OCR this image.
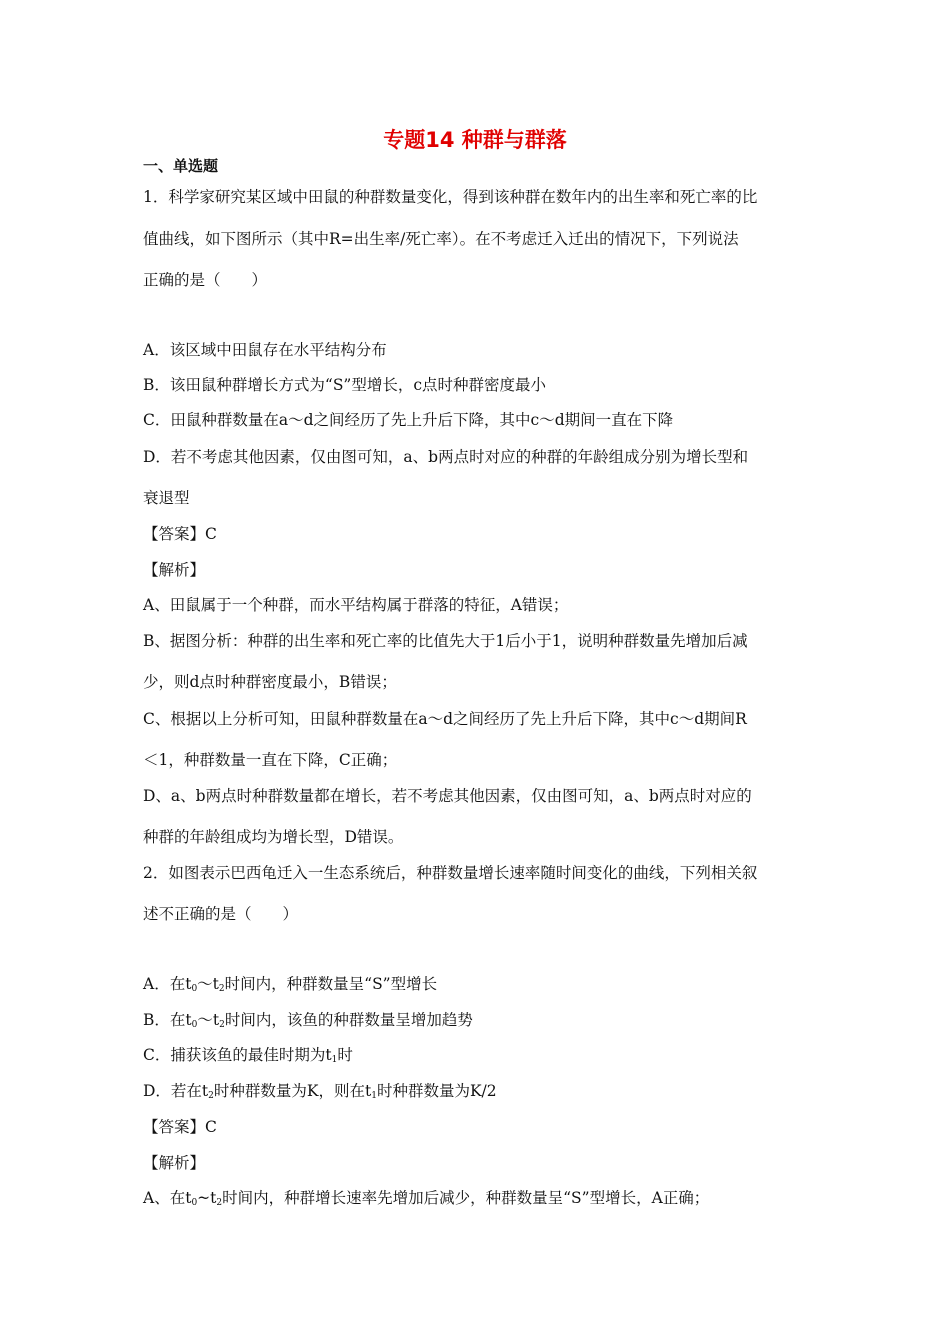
专题14 种群与群落
一、单选题
1．科学家研究某区域中田鼠的种群数量变化，得到该种群在数年内的出生率和死亡率的比
值曲线，如下图所示（其中R=出生率/死亡率）。在不考虑迁入迁出的情况下，下列说法
正确的是（　　）
A．该区域中田鼠存在水平结构分布
B．该田鼠种群增长方式为“S”型增长，c点时种群密度最小
C．田鼠种群数量在a～d之间经历了先上升后下降，其中c～d期间一直在下降
D．若不考虑其他因素，仅由图可知，a、b两点时对应的种群的年龄组成分别为增长型和
衰退型
【答案】C
【解析】
A、田鼠属于一个种群，而水平结构属于群落的特征，A错误；
B、据图分析：种群的出生率和死亡率的比值先大于1后小于1，说明种群数量先增加后减
少，则d点时种群密度最小，B错误；
C、根据以上分析可知，田鼠种群数量在a～d之间经历了先上升后下降，其中c～d期间R
＜1，种群数量一直在下降，C正确；
D、a、b两点时种群数量都在增长，若不考虑其他因素，仅由图可知，a、b两点时对应的
种群的年龄组成均为增长型，D错误。
2．如图表示巴西龟迁入一生态系统后，种群数量增长速率随时间变化的曲线，下列相关叙
述不正确的是（　　）
A．在$t_0\sim t_2$时间内，种群数量呈“S”型增长
B．在$t_0\sim t_2$时间内，该鱼的种群数量呈增加趋势
C．捕获该鱼的最佳时期为$t_1$时
D．若在$t_2$时种群数量为K，则在$t_1$时种群数量为K/2
【答案】C
【解析】
A、在$t_0\sim t_2$时间内，种群增长速率先增加后减少，种群数量呈“S”型增长，A正确；
